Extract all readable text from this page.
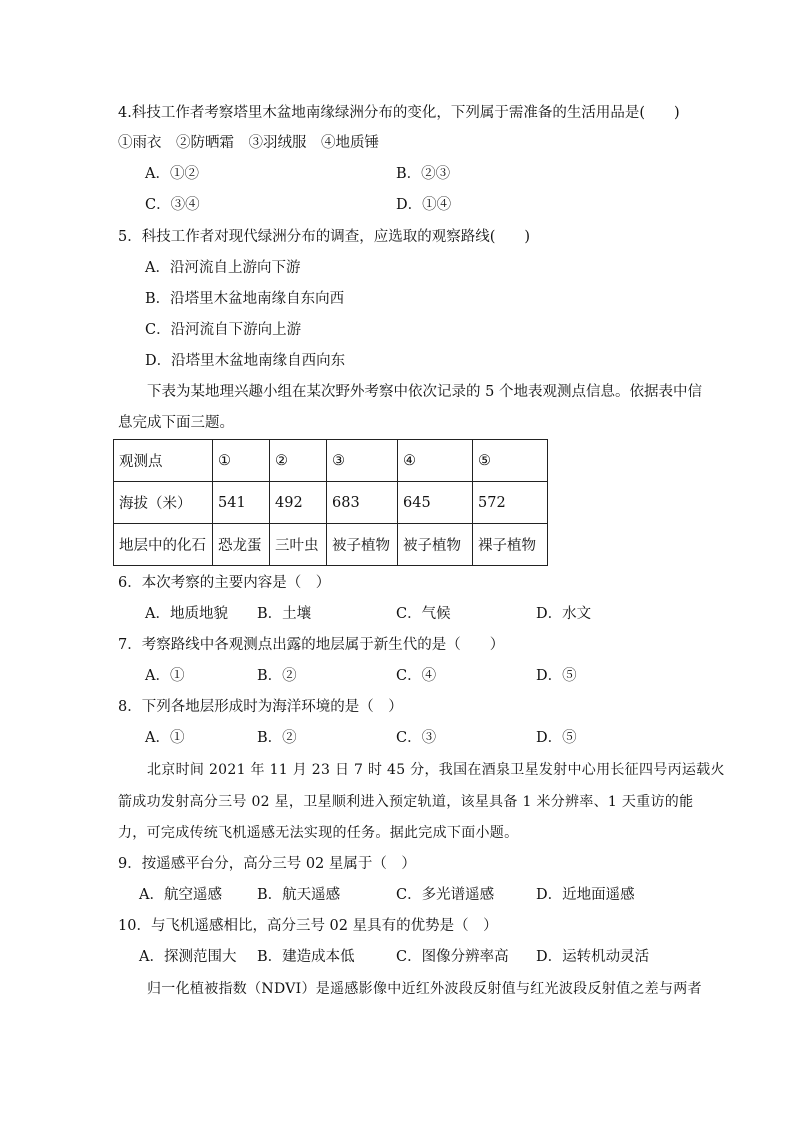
4.科技工作者考察塔里木盆地南缘绿洲分布的变化，下列属于需准备的生活用品是(　　)
①雨衣　②防晒霜　③羽绒服　④地质锤
A．①②	B．②③
C．③④	D．①④
5．科技工作者对现代绿洲分布的调查，应选取的观察路线(　　)
A．沿河流自上游向下游
B．沿塔里木盆地南缘自东向西
C．沿河流自下游向上游
D．沿塔里木盆地南缘自西向东
下表为某地理兴趣小组在某次野外考察中依次记录的 5 个地表观测点信息。依据表中信
息完成下面三题。
观测点	①	②	③	④	⑤
海拔（米）	541	492	683	645	572
地层中的化石	恐龙蛋	三叶虫	被子植物	被子植物	裸子植物
6．本次考察的主要内容是（　）
A．地质地貌 B．土壤	C．气候	D．水文
7．考察路线中各观测点出露的地层属于新生代的是（　　）
A．①	B．②	C．④	D．⑤
8．下列各地层形成时为海洋环境的是（　）
A．①	B．②	C．③	D．⑤
北京时间 2021 年 11 月 23 日 7 时 45 分，我国在酒泉卫星发射中心用长征四号丙运载火
箭成功发射高分三号 02 星，卫星顺利进入预定轨道，该星具备 1 米分辨率、1 天重访的能
力，可完成传统飞机遥感无法实现的任务。据此完成下面小题。
9．按遥感平台分，高分三号 02 星属于（　）
A．航空遥感 B．航天遥感	C．多光谱遥感	D．近地面遥感
10．与飞机遥感相比，高分三号 02 星具有的优势是（　）
A．探测范围大 B．建造成本低	C．图像分辨率高 D．运转机动灵活
归一化植被指数（NDVI）是遥感影像中近红外波段反射值与红光波段反射值之差与两者
